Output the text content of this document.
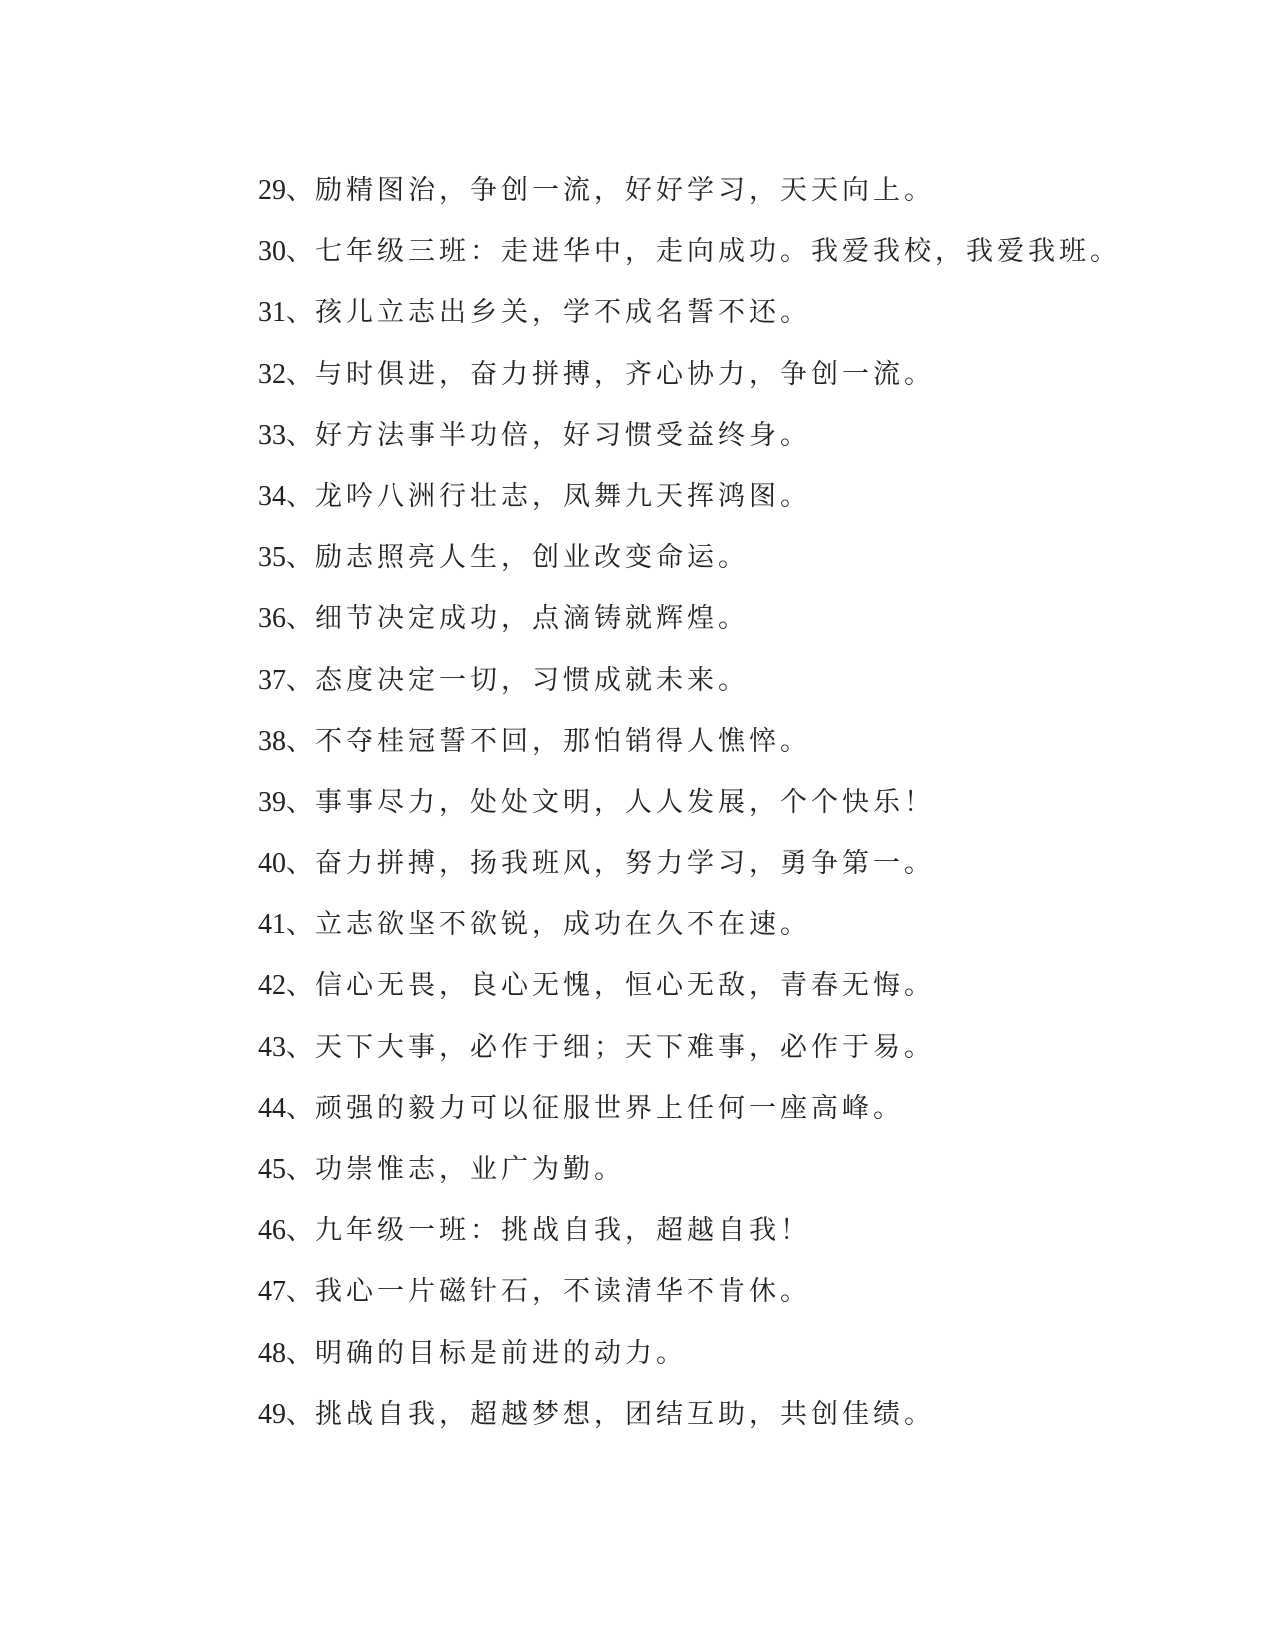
29、励精图治，争创一流，好好学习，天天向上。
30、七年级三班：走进华中，走向成功。我爱我校，我爱我班。
31、孩儿立志出乡关，学不成名誓不还。
32、与时俱进，奋力拼搏，齐心协力，争创一流。
33、好方法事半功倍，好习惯受益终身。
34、龙吟八洲行壮志，凤舞九天挥鸿图。
35、励志照亮人生，创业改变命运。
36、细节决定成功，点滴铸就辉煌。
37、态度决定一切，习惯成就未来。
38、不夺桂冠誓不回，那怕销得人憔悴。
39、事事尽力，处处文明，人人发展，个个快乐！
40、奋力拼搏，扬我班风，努力学习，勇争第一。
41、立志欲坚不欲锐，成功在久不在速。
42、信心无畏，良心无愧，恒心无敌，青春无悔。
43、天下大事，必作于细；天下难事，必作于易。
44、顽强的毅力可以征服世界上任何一座高峰。
45、功崇惟志，业广为勤。
46、九年级一班：挑战自我，超越自我！
47、我心一片磁针石，不读清华不肯休。
48、明确的目标是前进的动力。
49、挑战自我，超越梦想，团结互助，共创佳绩。
